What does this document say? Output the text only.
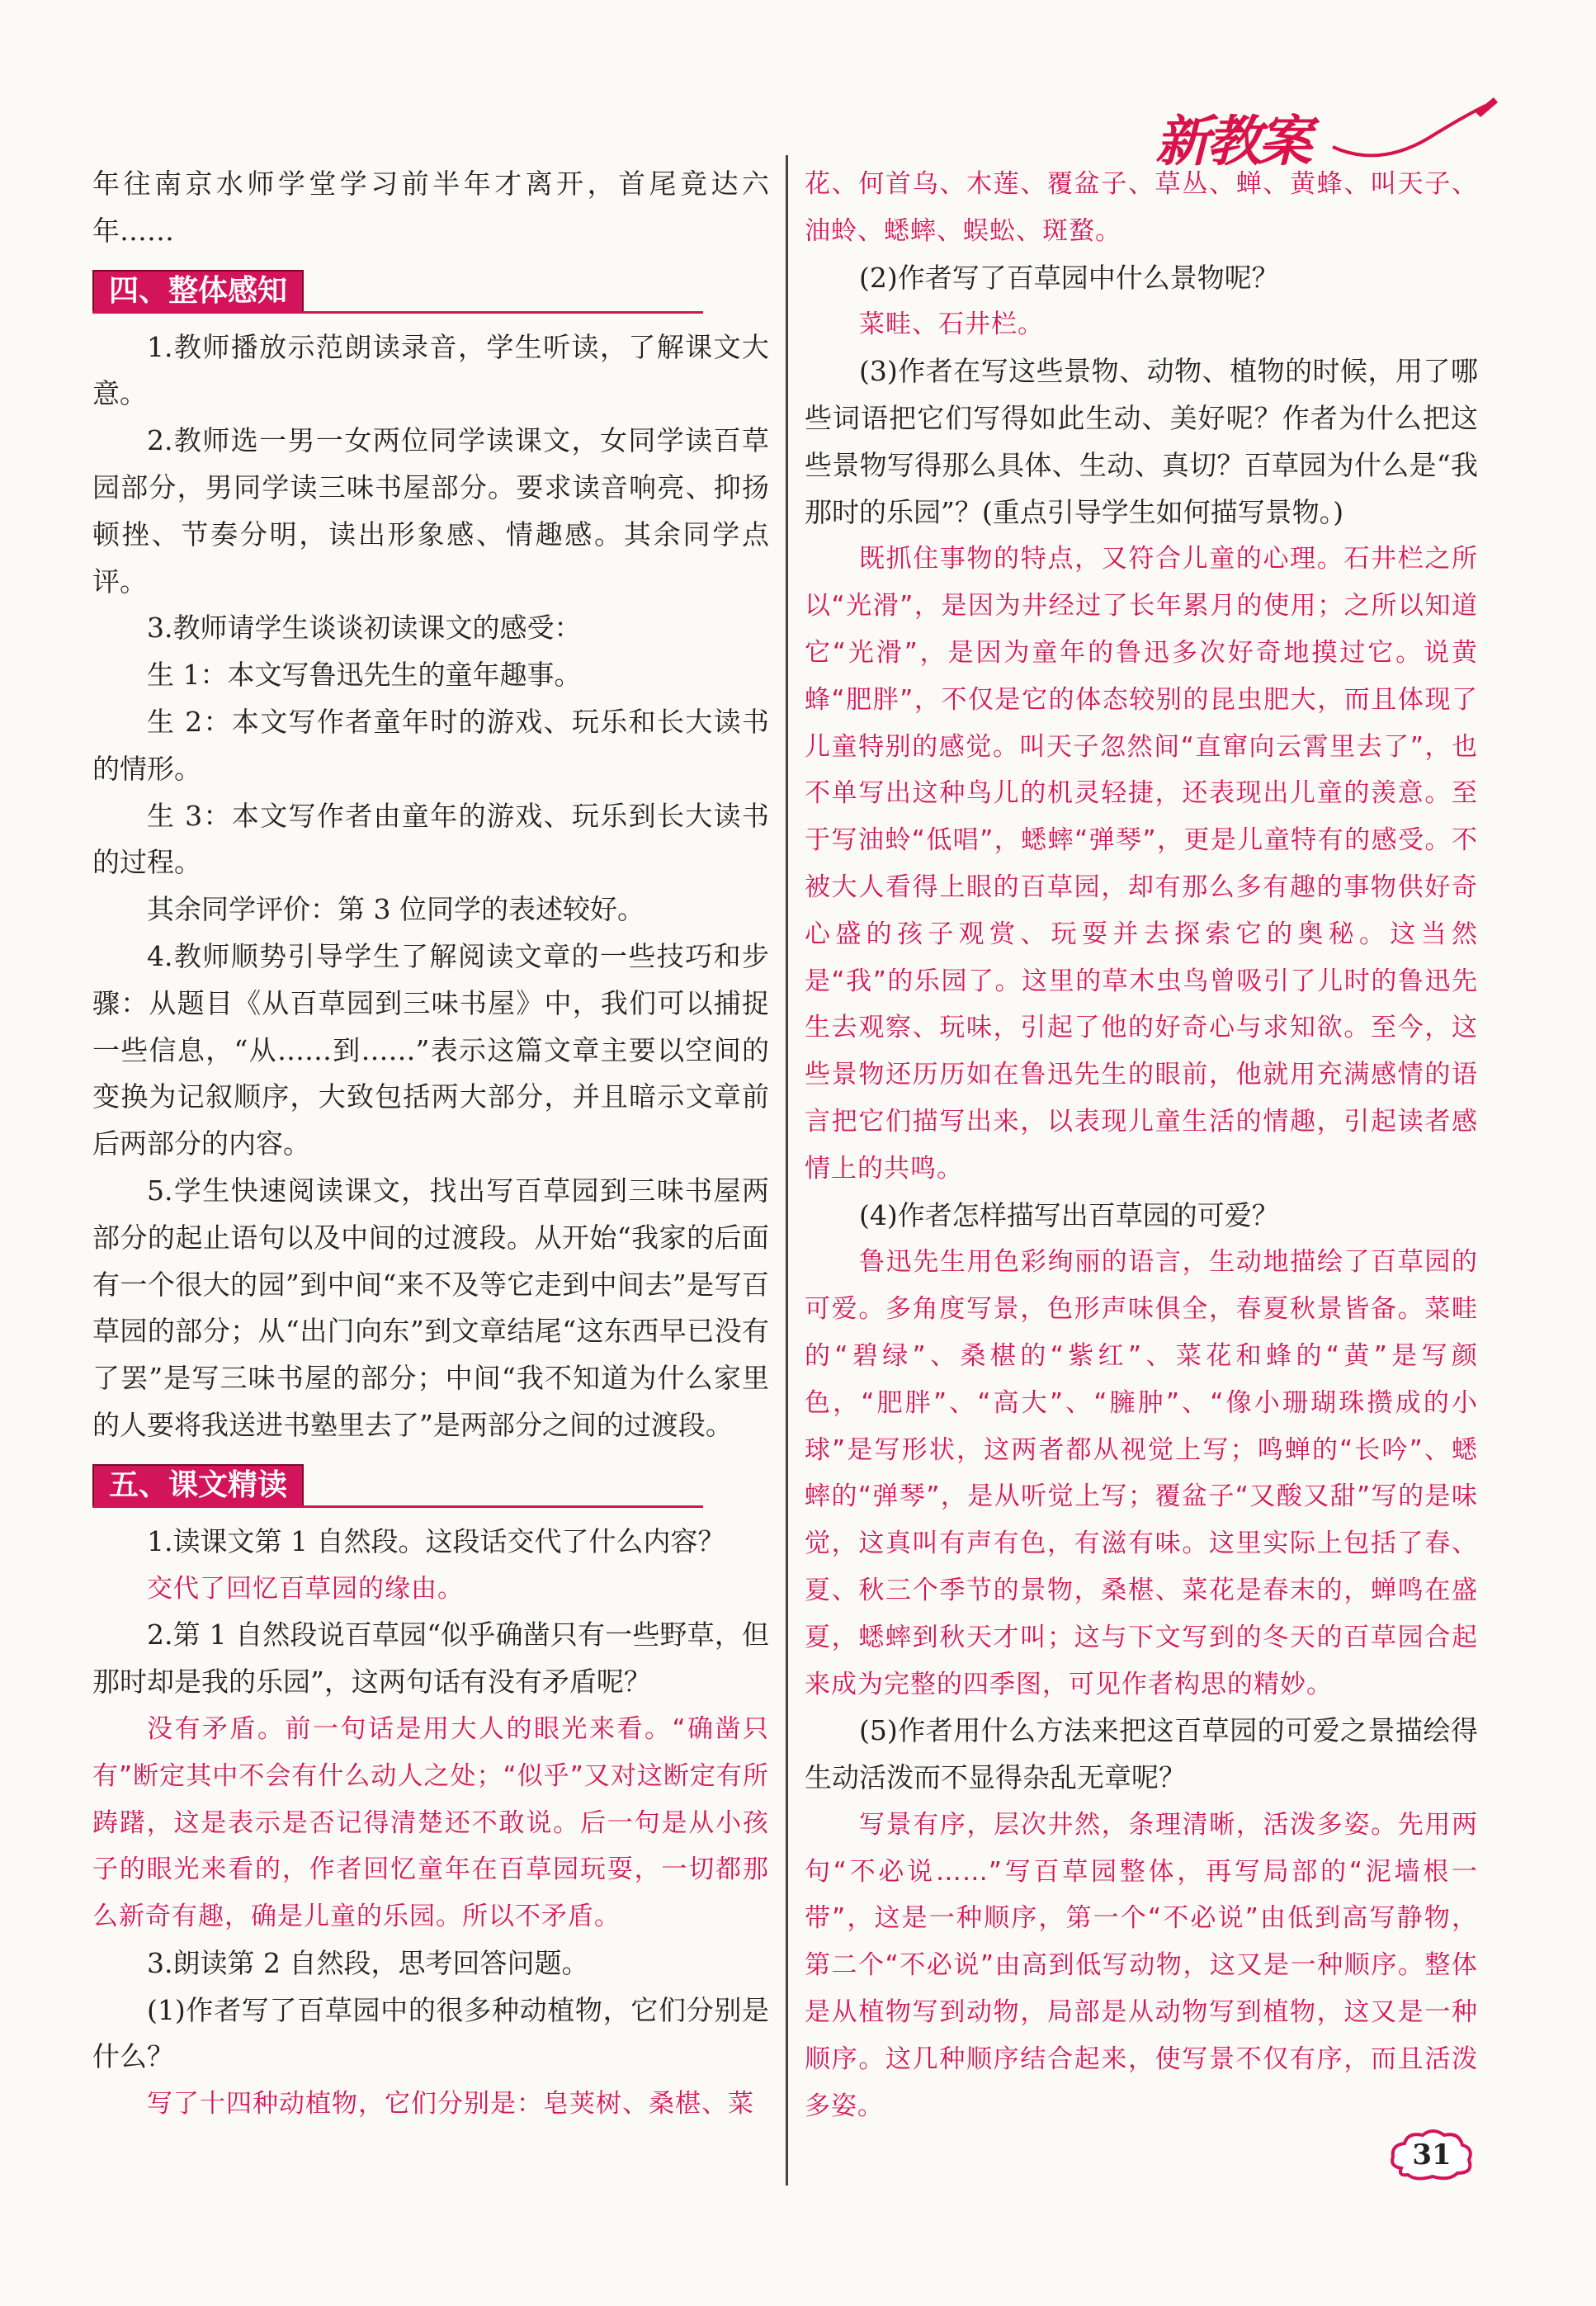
新教案

年往南京水师学堂学习前半年才离开，首尾竟达六年……

四、整体感知

1.教师播放示范朗读录音，学生听读，了解课文大意。

2.教师选一男一女两位同学读课文，女同学读百草园部分，男同学读三味书屋部分。要求读音响亮、抑扬顿挫、节奏分明，读出形象感、情趣感。其余同学点评。

3.教师请学生谈谈初读课文的感受：

生 1：本文写鲁迅先生的童年趣事。

生 2：本文写作者童年时的游戏、玩乐和长大读书的情形。

生 3：本文写作者由童年的游戏、玩乐到长大读书的过程。

其余同学评价：第 3 位同学的表述较好。

4.教师顺势引导学生了解阅读文章的一些技巧和步骤：从题目《从百草园到三味书屋》中，我们可以捕捉一些信息，“从……到……”表示这篇文章主要以空间的变换为记叙顺序，大致包括两大部分，并且暗示文章前后两部分的内容。

5.学生快速阅读课文，找出写百草园到三味书屋两部分的起止语句以及中间的过渡段。从开始“我家的后面有一个很大的园”到中间“来不及等它走到中间去”是写百草园的部分；从“出门向东”到文章结尾“这东西早已没有了罢”是写三味书屋的部分；中间“我不知道为什么家里的人要将我送进书塾里去了”是两部分之间的过渡段。

五、课文精读

1.读课文第 1 自然段。这段话交代了什么内容？

交代了回忆百草园的缘由。

2.第 1 自然段说百草园“似乎确凿只有一些野草，但那时却是我的乐园”，这两句话有没有矛盾呢？

没有矛盾。前一句话是用大人的眼光来看。“确凿只有”断定其中不会有什么动人之处；“似乎”又对这断定有所踌躇，这是表示是否记得清楚还不敢说。后一句是从小孩子的眼光来看的，作者回忆童年在百草园玩耍，一切都那么新奇有趣，确是儿童的乐园。所以不矛盾。

3.朗读第 2 自然段，思考回答问题。

(1)作者写了百草园中的很多种动植物，它们分别是什么？

写了十四种动植物，它们分别是：皂荚树、桑椹、菜

花、何首乌、木莲、覆盆子、草丛、蝉、黄蜂、叫天子、油蛉、蟋蟀、蜈蚣、斑蝥。

(2)作者写了百草园中什么景物呢？

菜畦、石井栏。

(3)作者在写这些景物、动物、植物的时候，用了哪些词语把它们写得如此生动、美好呢？作者为什么把这些景物写得那么具体、生动、真切？百草园为什么是“我那时的乐园”？(重点引导学生如何描写景物。)

既抓住事物的特点，又符合儿童的心理。石井栏之所以“光滑”，是因为井经过了长年累月的使用；之所以知道它“光滑”，是因为童年的鲁迅多次好奇地摸过它。说黄蜂“肥胖”，不仅是它的体态较别的昆虫肥大，而且体现了儿童特别的感觉。叫天子忽然间“直窜向云霄里去了”，也不单写出这种鸟儿的机灵轻捷，还表现出儿童的羡意。至于写油蛉“低唱”，蟋蟀“弹琴”，更是儿童特有的感受。不被大人看得上眼的百草园，却有那么多有趣的事物供好奇心盛的孩子观赏、玩耍并去探索它的奥秘。这当然是“我”的乐园了。这里的草木虫鸟曾吸引了儿时的鲁迅先生去观察、玩味，引起了他的好奇心与求知欲。至今，这些景物还历历如在鲁迅先生的眼前，他就用充满感情的语言把它们描写出来，以表现儿童生活的情趣，引起读者感情上的共鸣。

(4)作者怎样描写出百草园的可爱？

鲁迅先生用色彩绚丽的语言，生动地描绘了百草园的可爱。多角度写景，色形声味俱全，春夏秋景皆备。菜畦的“碧绿”、桑椹的“紫红”、菜花和蜂的“黄”是写颜色，“肥胖”、“高大”、“臃肿”、“像小珊瑚珠攒成的小球”是写形状，这两者都从视觉上写；鸣蝉的“长吟”、蟋蟀的“弹琴”，是从听觉上写；覆盆子“又酸又甜”写的是味觉，这真叫有声有色，有滋有味。这里实际上包括了春、夏、秋三个季节的景物，桑椹、菜花是春末的，蝉鸣在盛夏，蟋蟀到秋天才叫；这与下文写到的冬天的百草园合起来成为完整的四季图，可见作者构思的精妙。

(5)作者用什么方法来把这百草园的可爱之景描绘得生动活泼而不显得杂乱无章呢？

写景有序，层次井然，条理清晰，活泼多姿。先用两句“不必说……”写百草园整体，再写局部的“泥墙根一带”，这是一种顺序，第一个“不必说”由低到高写静物，第二个“不必说”由高到低写动物，这又是一种顺序。整体是从植物写到动物，局部是从动物写到植物，这又是一种顺序。这几种顺序结合起来，使写景不仅有序，而且活泼多姿。

31
